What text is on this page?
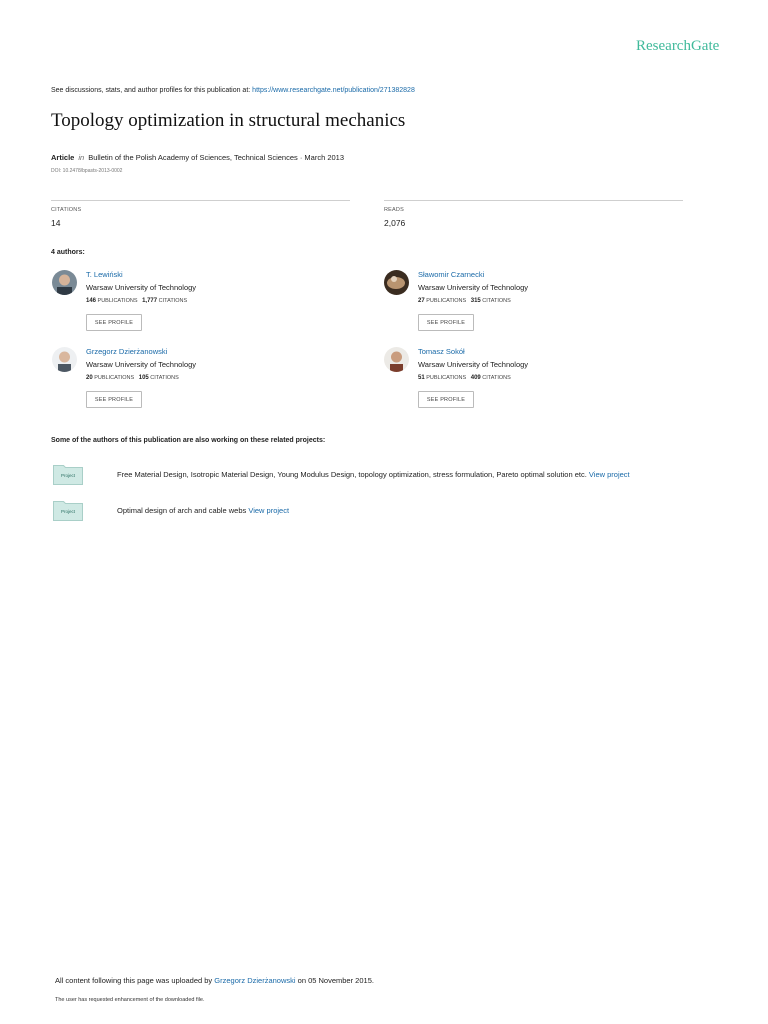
ResearchGate
See discussions, stats, and author profiles for this publication at: https://www.researchgate.net/publication/271382828
Topology optimization in structural mechanics
Article in Bulletin of the Polish Academy of Sciences, Technical Sciences · March 2013
DOI: 10.2478/bpasts-2013-0002
CITATIONS
14
READS
2,076
4 authors:
T. Lewiński
Warsaw University of Technology
146 PUBLICATIONS 1,777 CITATIONS
SEE PROFILE
Sławomir Czarnecki
Warsaw University of Technology
27 PUBLICATIONS 315 CITATIONS
SEE PROFILE
Grzegorz Dzierżanowski
Warsaw University of Technology
20 PUBLICATIONS 105 CITATIONS
SEE PROFILE
Tomasz Sokół
Warsaw University of Technology
51 PUBLICATIONS 409 CITATIONS
SEE PROFILE
Some of the authors of this publication are also working on these related projects:
Project	Free Material Design, Isotropic Material Design, Young Modulus Design, topology optimization, stress formulation, Pareto optimal solution etc. View project
Project	Optimal design of arch and cable webs View project
All content following this page was uploaded by Grzegorz Dzierżanowski on 05 November 2015.
The user has requested enhancement of the downloaded file.
